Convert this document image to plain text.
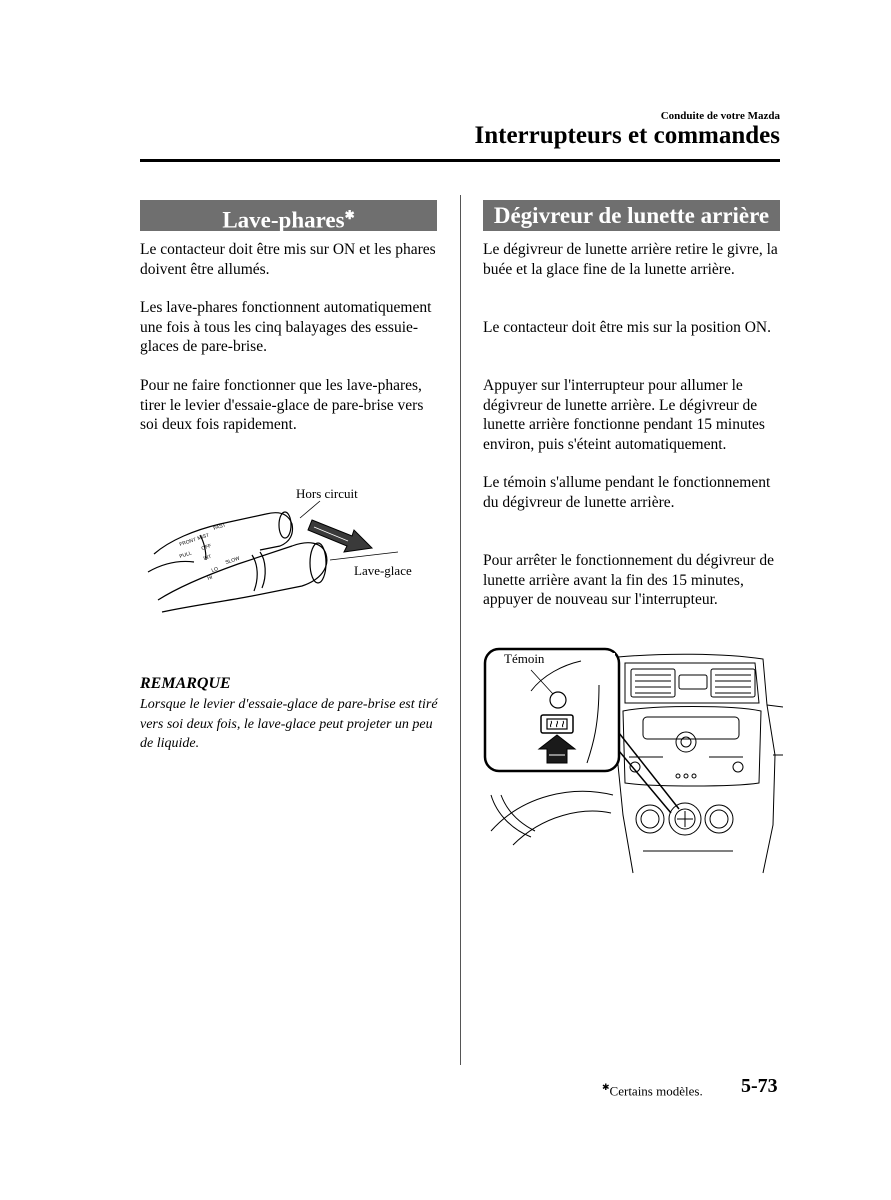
Conduite de votre Mazda
Interrupteurs et commandes
Lave-phares✱

Le contacteur doit être mis sur ON et les phares doivent être allumés.

Les lave-phares fonctionnent automatiquement une fois à tous les cinq balayages des essuie-glaces de pare-brise.

Pour ne faire fonctionner que les lave-phares, tirer le levier d'essaie-glace de pare-brise vers soi deux fois rapidement.

FRONT MIST
OFF
INT
LO
HI
FAST
SLOW
PULL
Hors circuit
Lave-glace
REMARQUE
Lorsque le levier d'essaie-glace de pare-brise est tiré vers soi deux fois, le lave-glace peut projeter un peu de liquide.
Dégivreur de lunette arrière

Le dégivreur de lunette arrière retire le givre, la buée et la glace fine de la lunette arrière.

Le contacteur doit être mis sur la position ON.

Appuyer sur l'interrupteur pour allumer le dégivreur de lunette arrière. Le dégivreur de lunette arrière fonctionne pendant 15 minutes environ, puis s'éteint automatiquement.

Le témoin s'allume pendant le fonctionnement du dégivreur de lunette arrière.

Pour arrêter le fonctionnement du dégivreur de lunette arrière avant la fin des 15 minutes, appuyer de nouveau sur l'interrupteur.

Témoin
✱Certains modèles. 5-73
